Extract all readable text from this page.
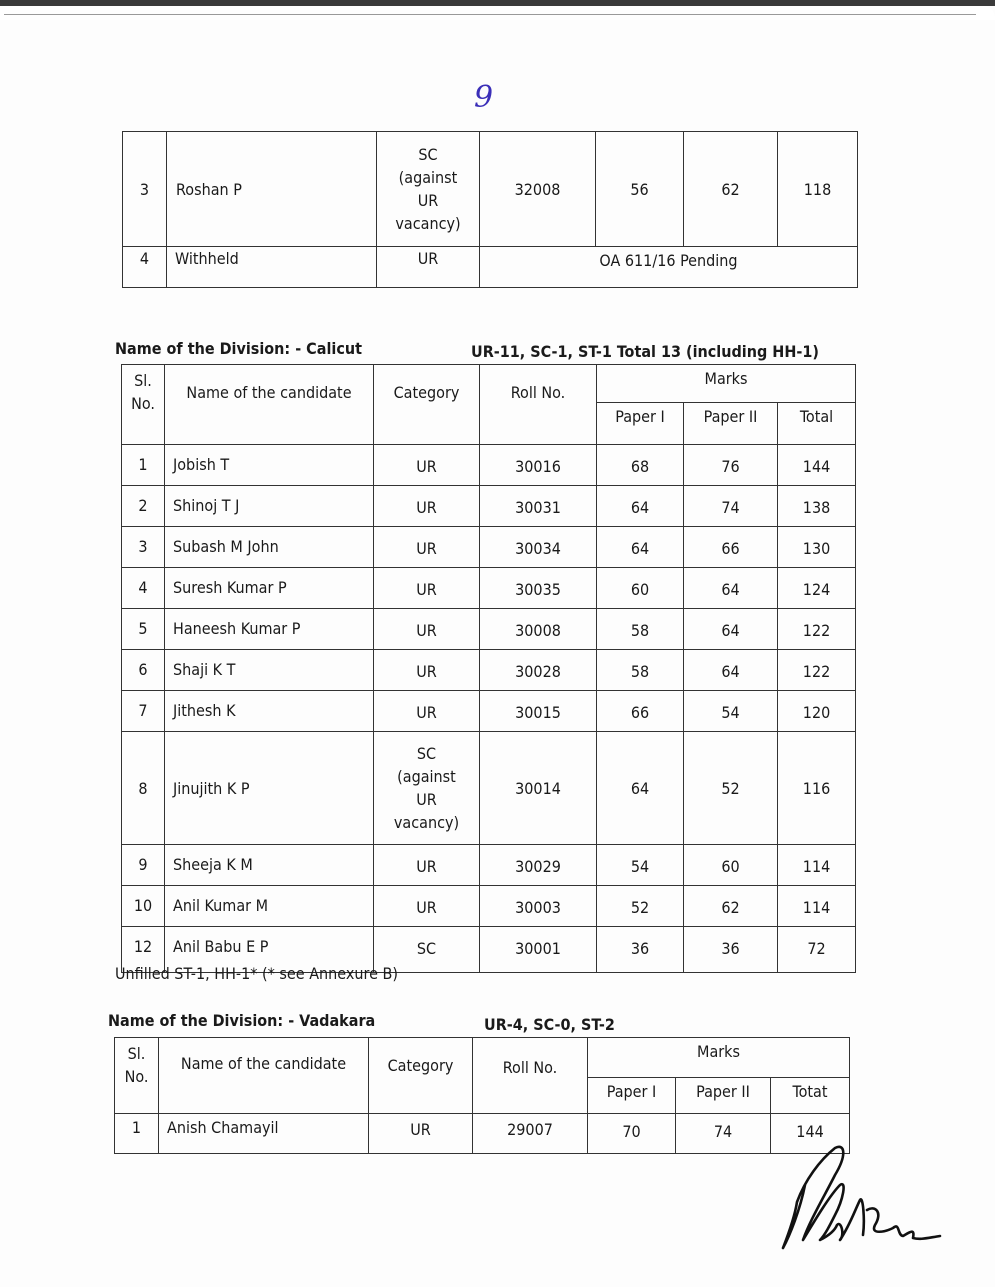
9
3	Roshan P	SC (against UR vacancy)	32008	56	62	118
4	Withheld	UR	OA 611/16 Pending			
Name of the Division: - Calicut	UR-11, SC-1, ST-1 Total 13 (including HH-1)
Sl. No.	Name of the candidate	Category	Roll No.	Marks		
				Paper I	Paper II	Total
1	Jobish T	UR	30016	68	76	144
2	Shinoj T J	UR	30031	64	74	138
3	Subash M John	UR	30034	64	66	130
4	Suresh Kumar P	UR	30035	60	64	124
5	Haneesh Kumar P	UR	30008	58	64	122
6	Shaji K T	UR	30028	58	64	122
7	Jithesh K	UR	30015	66	54	120
8	Jinujith K P	SC (against UR vacancy)	30014	64	52	116
9	Sheeja K M	UR	30029	54	60	114
10	Anil Kumar M	UR	30003	52	62	114
12	Anil Babu E P	SC	30001	36	36	72
Unfilled ST-1, HH-1* (* see Annexure B)
Name of the Division: - Vadakara	UR-4, SC-0, ST-2
Sl. No.	Name of the candidate	Category	Roll No.	Marks		
				Paper I	Paper II	Totat
1	Anish Chamayil	UR	29007	70	74	144
